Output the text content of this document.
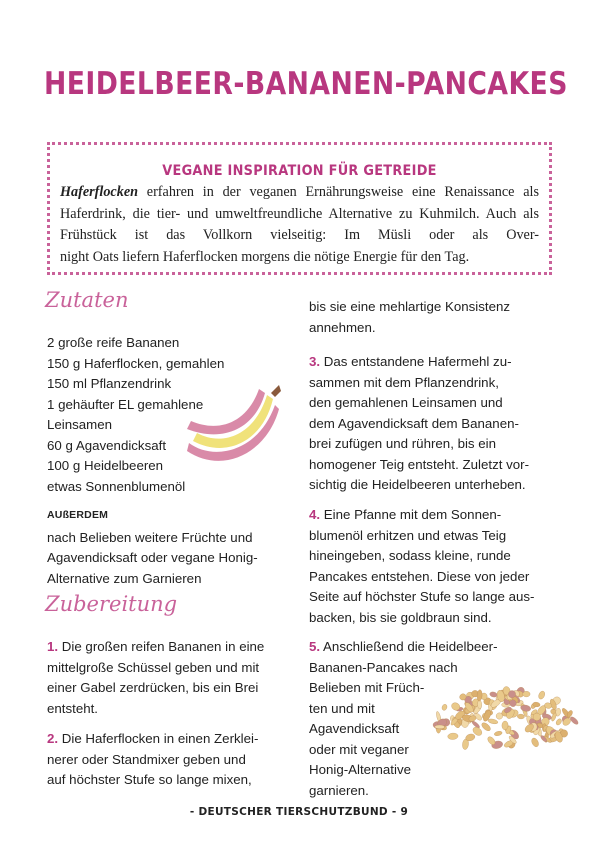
HEIDELBEER-BANANEN-PANCAKES
VEGANE INSPIRATION FÜR GETREIDE
Haferflocken erfahren in der veganen Ernährungsweise eine Renaissance als Haferdrink, die tier- und umweltfreundliche Alternative zu Kuhmilch. Auch als Frühstück ist das Vollkorn vielseitig: Im Müsli oder als Over-
night Oats liefern Haferflocken morgens die nötige Energie für den Tag.
Zutaten

2 große reife Bananen

150 g Haferflocken, gemahlen

150 ml Pflanzendrink

1 gehäufter EL gemahlene

Leinsamen

60 g Agavendicksaft

100 g Heidelbeeren

etwas Sonnenblumenöl

AUßERDEM

nach Belieben weitere Früchte und

Agavendicksaft oder vegane Honig-

Alternative zum Garnieren

Zubereitung

1. Die großen reifen Bananen in eine

mittelgroße Schüssel geben und mit

einer Gabel zerdrücken, bis ein Brei

entsteht.

2. Die Haferflocken in einen Zerklei-

nerer oder Standmixer geben und

auf höchster Stufe so lange mixen,

bis sie eine mehlartige Konsistenz

annehmen.

3. Das entstandene Hafermehl zu-

sammen mit dem Pflanzendrink,

den gemahlenen Leinsamen und

dem Agavendicksaft dem Bananen-

brei zufügen und rühren, bis ein

homogener Teig entsteht. Zuletzt vor-

sichtig die Heidelbeeren unterheben.

4. Eine Pfanne mit dem Sonnen-

blumenöl erhitzen und etwas Teig

hineingeben, sodass kleine, runde

Pancakes entstehen. Diese von jeder

Seite auf höchster Stufe so lange aus-

backen, bis sie goldbraun sind.

5. Anschließend die Heidelbeer-

Bananen-Pancakes nach

Belieben mit Früch-

ten und mit

Agavendicksaft

oder mit veganer

Honig-Alternative

garnieren.

- DEUTSCHER TIERSCHUTZBUND - 9
